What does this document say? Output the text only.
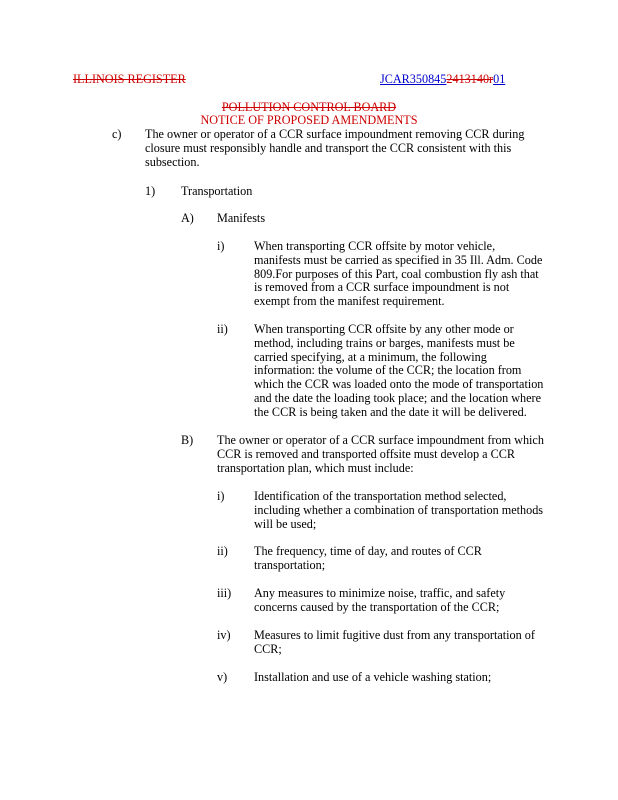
ILLINOIS REGISTER	JCAR3508452413140r01
POLLUTION CONTROL BOARD
NOTICE OF PROPOSED AMENDMENTS
c) The owner or operator of a CCR surface impoundment removing CCR during
closure must responsibly handle and transport the CCR consistent with this
subsection.
1) Transportation
A) Manifests
i) When transporting CCR offsite by motor vehicle,
manifests must be carried as specified in 35 Ill. Adm. Code
809.For purposes of this Part, coal combustion fly ash that
is removed from a CCR surface impoundment is not
exempt from the manifest requirement.
ii) When transporting CCR offsite by any other mode or
method, including trains or barges, manifests must be
carried specifying, at a minimum, the following
information: the volume of the CCR; the location from
which the CCR was loaded onto the mode of transportation
and the date the loading took place; and the location where
the CCR is being taken and the date it will be delivered.
B) The owner or operator of a CCR surface impoundment from which
CCR is removed and transported offsite must develop a CCR
transportation plan, which must include:
i) Identification of the transportation method selected,
including whether a combination of transportation methods
will be used;
ii) The frequency, time of day, and routes of CCR
transportation;
iii) Any measures to minimize noise, traffic, and safety
concerns caused by the transportation of the CCR;
iv) Measures to limit fugitive dust from any transportation of
CCR;
v) Installation and use of a vehicle washing station;
